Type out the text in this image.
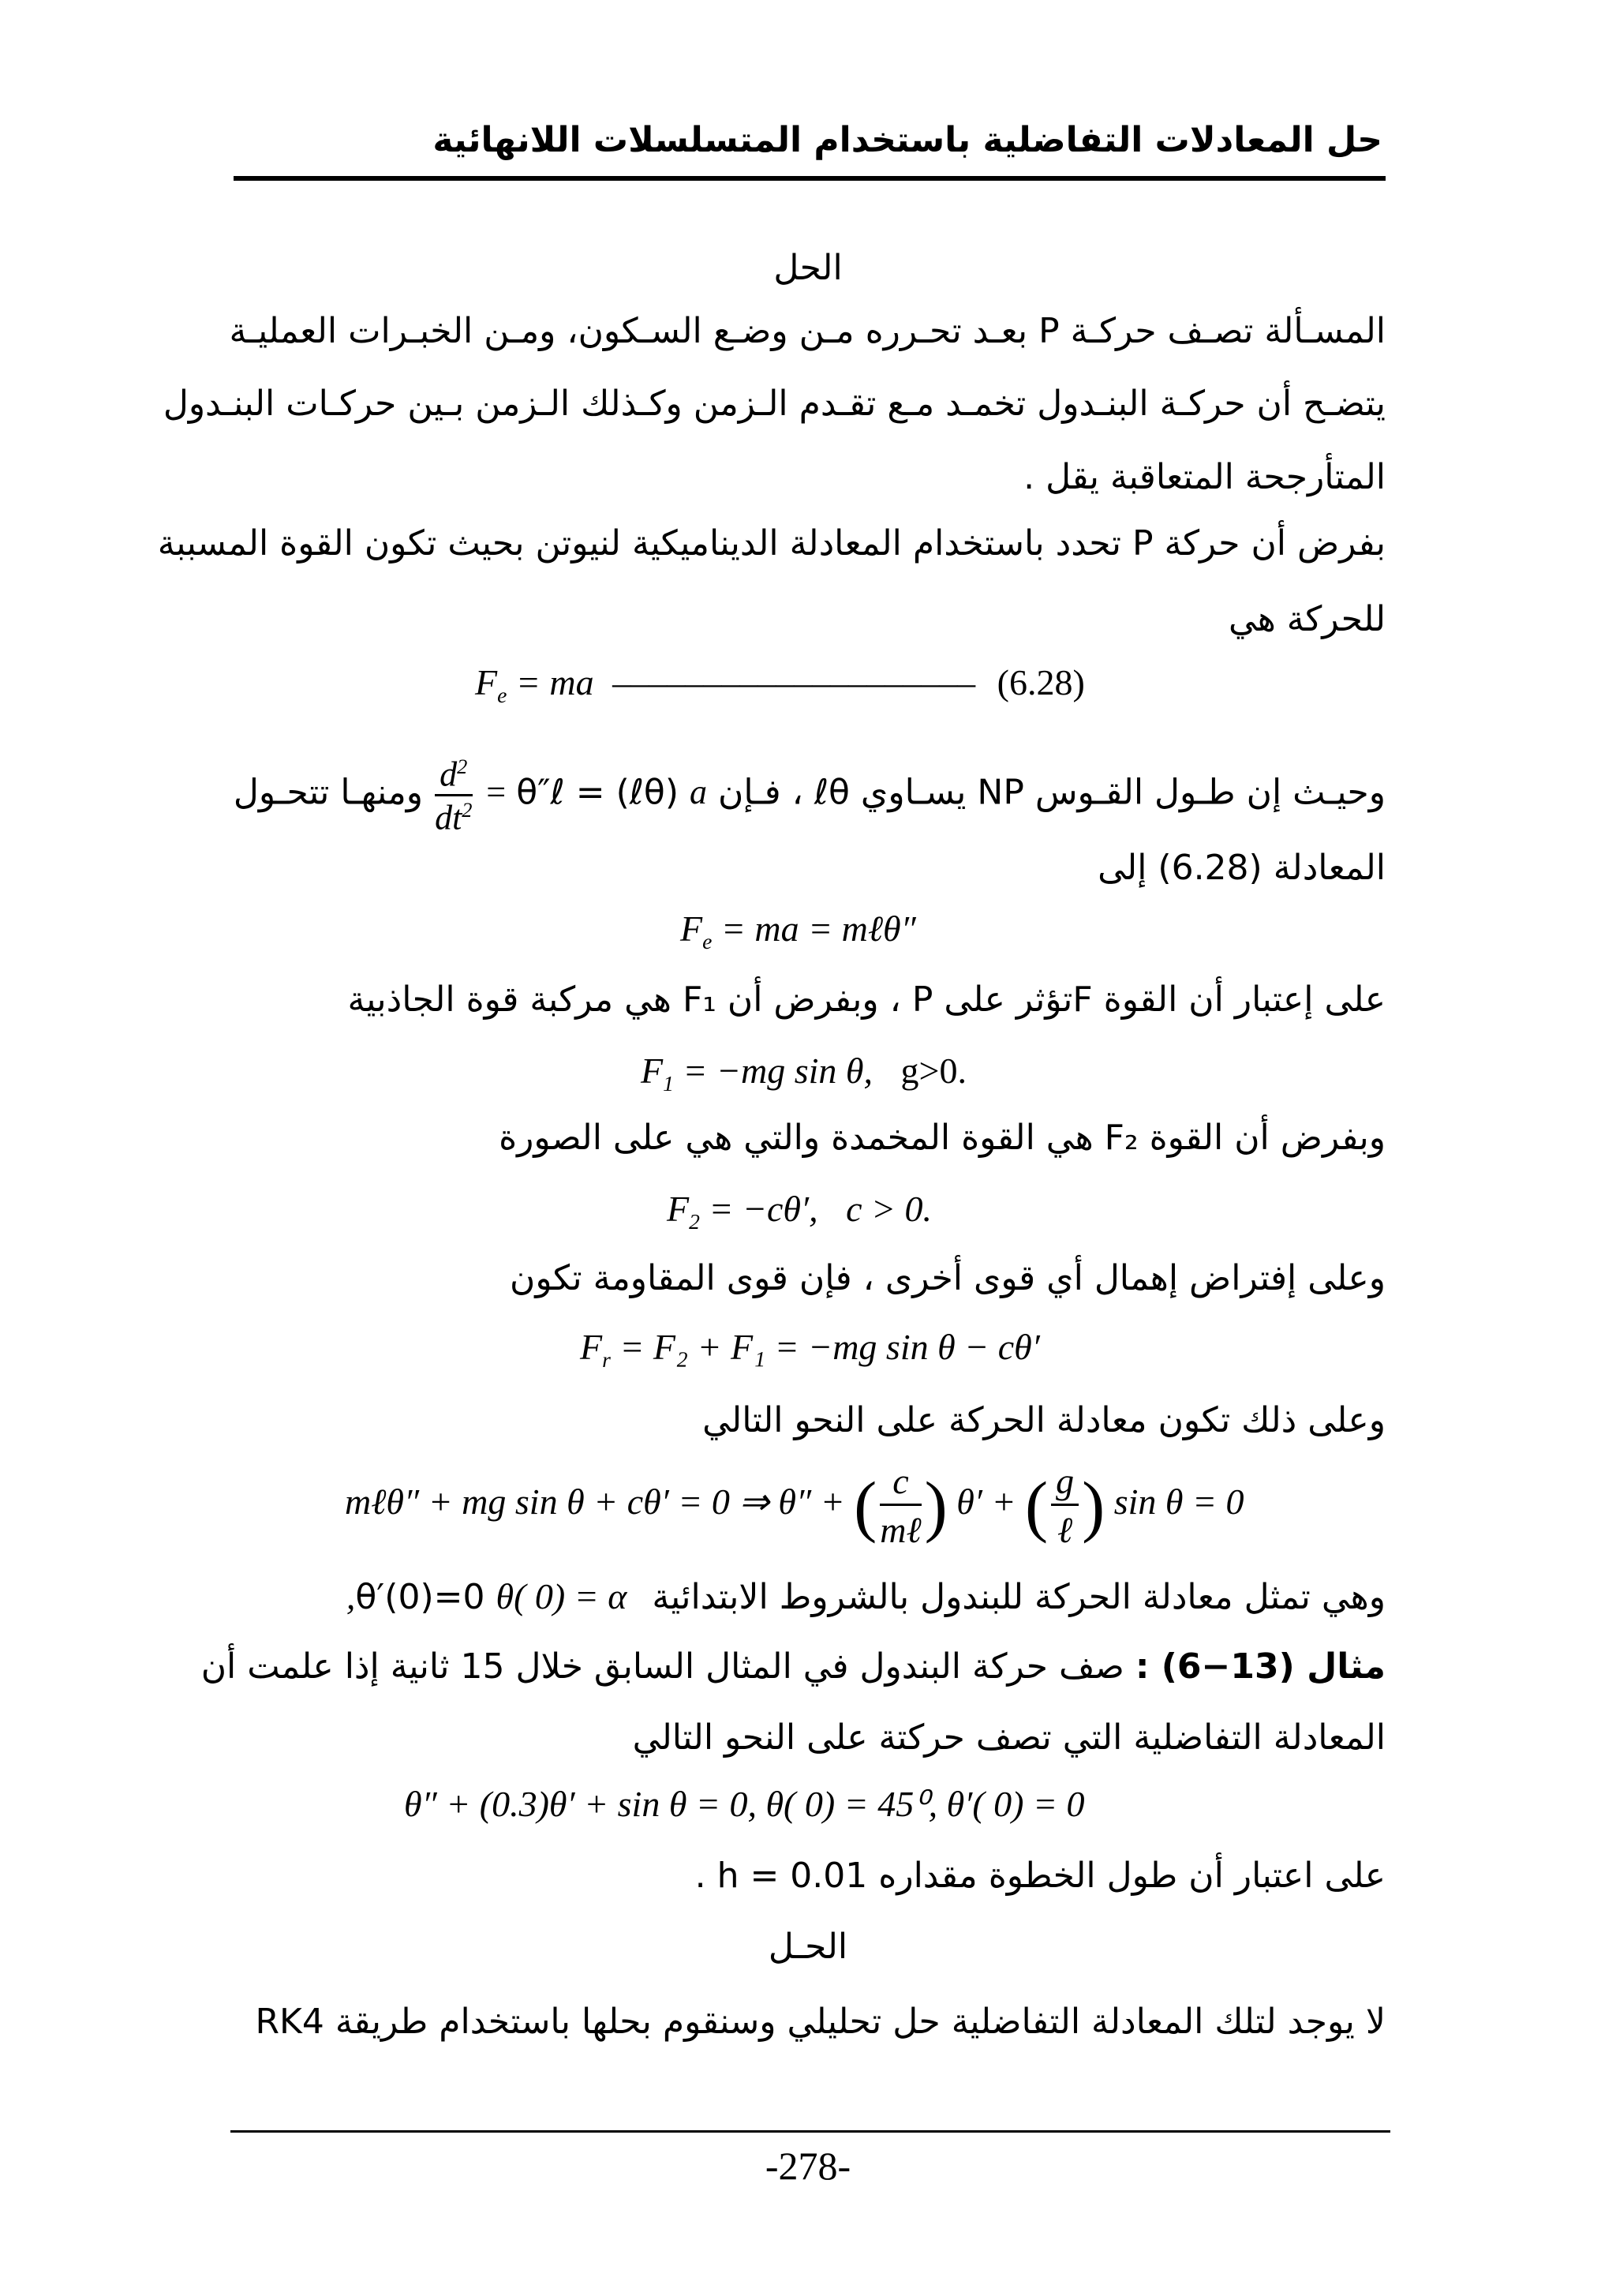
حل المعادلات التفاضلية باستخدام المتسلسلات اللانهائية
الحل
المسـألة تصـف حركـة P بعـد تحـرره مـن وضـع السـكون، ومـن الخبـرات العمليـة
يتضـح أن حركـة البنـدول تخمـد مـع تقـدم الـزمن وكـذلك الـزمن بـين حركـات البنـدول
المتأرجحة المتعاقبة يقل .
بفرض أن حركة P تحدد باستخدام المعادلة الديناميكية لنيوتن بحيث تكون القوة المسببة
للحركة هي
$F_e$ = ma –––––––––––––––––––– (6.28)
وحيـث إن طـول القـوس NP يسـاوي ℓθ ، فـإن θ″ℓ = (ℓθ) a =
$\frac{d^2}{dt^2}$
ومنهـا تتحـول
المعادلة (6.28) إلى
$F_e$ = ma = mℓθ″
على إعتبار أن القوة Fتؤثر على P ، وبفرض أن F₁ هي مركبة قوة الجاذبية
$F_1 = -mg$ sin θ, g>0.
وبفرض أن القوة F₂ هي القوة المخمدة والتي هي على الصورة
$F_2 = -c\theta'$, c > 0.
وعلى إفتراض إهمال أي قوى أخرى ، فإن قوى المقاومة تكون
$F_r = F_2 + F_1 = -mg$ sin θ − cθ′
وعلى ذلك تكون معادلة الحركة على النحو التالي
mℓθ″ + mg sin θ + cθ′ = 0 ⇒ θ″ + ( $\frac{c}{\text{mℓ}}$ ) θ′ + ( $\frac{g}{\text{ℓ}}$ ) sin θ = 0
وهي تمثل معادلة الحركة للبندول بالشروط الابتدائية θ′(0)=0 θ( 0) = α,
مثال (13−6) : صف حركة البندول في المثال السابق خلال 15 ثانية إذا علمت أن
المعادلة التفاضلية التي تصف حركتة على النحو التالي
θ″ + (0.3)θ′ + sin θ = 0, θ( 0) = 45⁰, θ′( 0) = 0
على اعتبار أن طول الخطوة مقداره h = 0.01 .
الحـل
لا يوجد لتلك المعادلة التفاضلية حل تحليلي وسنقوم بحلها باستخدام طريقة RK4
-278-
